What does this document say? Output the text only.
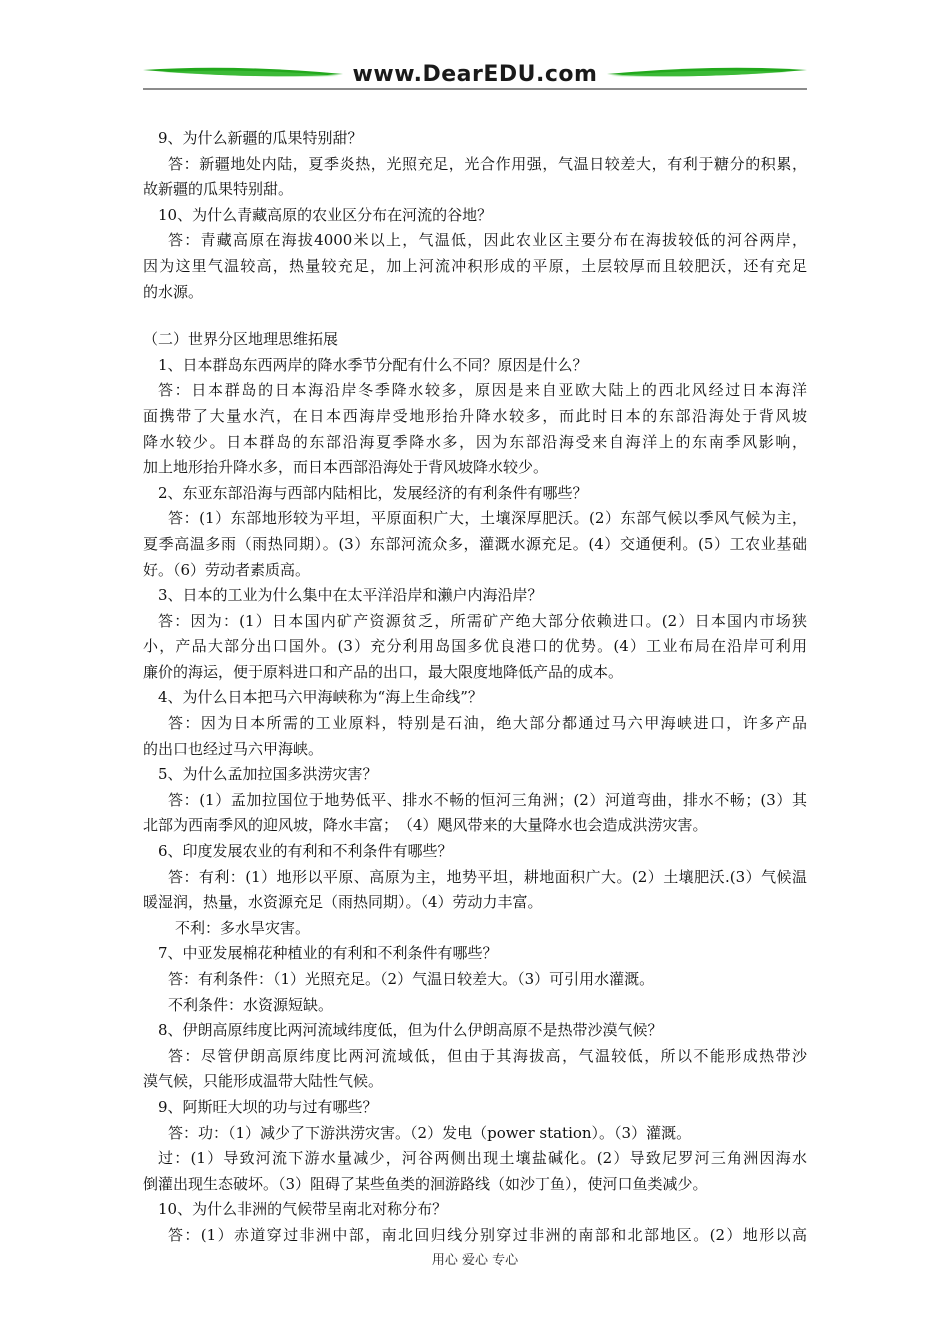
www.DearEDU.com
9、为什么新疆的瓜果特别甜？
答：新疆地处内陆，夏季炎热，光照充足，光合作用强，气温日较差大，有利于糖分的积累，
故新疆的瓜果特别甜。
10、为什么青藏高原的农业区分布在河流的谷地？
答：青藏高原在海拔4000米以上，气温低，因此农业区主要分布在海拔较低的河谷两岸，
因为这里气温较高，热量较充足，加上河流冲积形成的平原，土层较厚而且较肥沃，还有充足
的水源。
（二）世界分区地理思维拓展
1、日本群岛东西两岸的降水季节分配有什么不同？原因是什么？
答：日本群岛的日本海沿岸冬季降水较多，原因是来自亚欧大陆上的西北风经过日本海洋
面携带了大量水汽，在日本西海岸受地形抬升降水较多，而此时日本的东部沿海处于背风坡
降水较少。日本群岛的东部沿海夏季降水多，因为东部沿海受来自海洋上的东南季风影响，
加上地形抬升降水多，而日本西部沿海处于背风坡降水较少。
2、东亚东部沿海与西部内陆相比，发展经济的有利条件有哪些？
答：(1）东部地形较为平坦，平原面积广大，土壤深厚肥沃。(2）东部气候以季风气候为主，
夏季高温多雨（雨热同期）。(3）东部河流众多，灌溉水源充足。(4）交通便利。(5）工农业基础
好。（6）劳动者素质高。
3、日本的工业为什么集中在太平洋沿岸和濑户内海沿岸？
答：因为：(1）日本国内矿产资源贫乏，所需矿产绝大部分依赖进口。(2）日本国内市场狭
小，产品大部分出口国外。(3）充分利用岛国多优良港口的优势。(4）工业布局在沿岸可利用
廉价的海运，便于原料进口和产品的出口，最大限度地降低产品的成本。
4、为什么日本把马六甲海峡称为“海上生命线”？
答：因为日本所需的工业原料，特别是石油，绝大部分都通过马六甲海峡进口，许多产品
的出口也经过马六甲海峡。
5、为什么孟加拉国多洪涝灾害？
答：(1）孟加拉国位于地势低平、排水不畅的恒河三角洲；(2）河道弯曲，排水不畅；(3）其
北部为西南季风的迎风坡，降水丰富；　（4）飓风带来的大量降水也会造成洪涝灾害。
6、印度发展农业的有利和不利条件有哪些？
答：有利：(1）地形以平原、高原为主，地势平坦，耕地面积广大。(2）土壤肥沃.(3）气候温
暖湿润，热量，水资源充足（雨热同期）。（4）劳动力丰富。
不利：多水旱灾害。
7、中亚发展棉花种植业的有利和不利条件有哪些？
答：有利条件：（1）光照充足。（2）气温日较差大。（3）可引用水灌溉。
不利条件：水资源短缺。
8、伊朗高原纬度比两河流域纬度低，但为什么伊朗高原不是热带沙漠气候？
答：尽管伊朗高原纬度比两河流域低，但由于其海拔高，气温较低，所以不能形成热带沙
漠气候，只能形成温带大陆性气候。
9、阿斯旺大坝的功与过有哪些？
答：功：（1）减少了下游洪涝灾害。（2）发电（power station）。（3）灌溉。
过：(1）导致河流下游水量减少，河谷两侧出现土壤盐碱化。(2）导致尼罗河三角洲因海水
倒灌出现生态破坏。（3）阻碍了某些鱼类的洄游路线（如沙丁鱼），使河口鱼类减少。
10、为什么非洲的气候带呈南北对称分布？
答：(1）赤道穿过非洲中部，南北回归线分别穿过非洲的南部和北部地区。(2）地形以高
用心 爱心 专心
